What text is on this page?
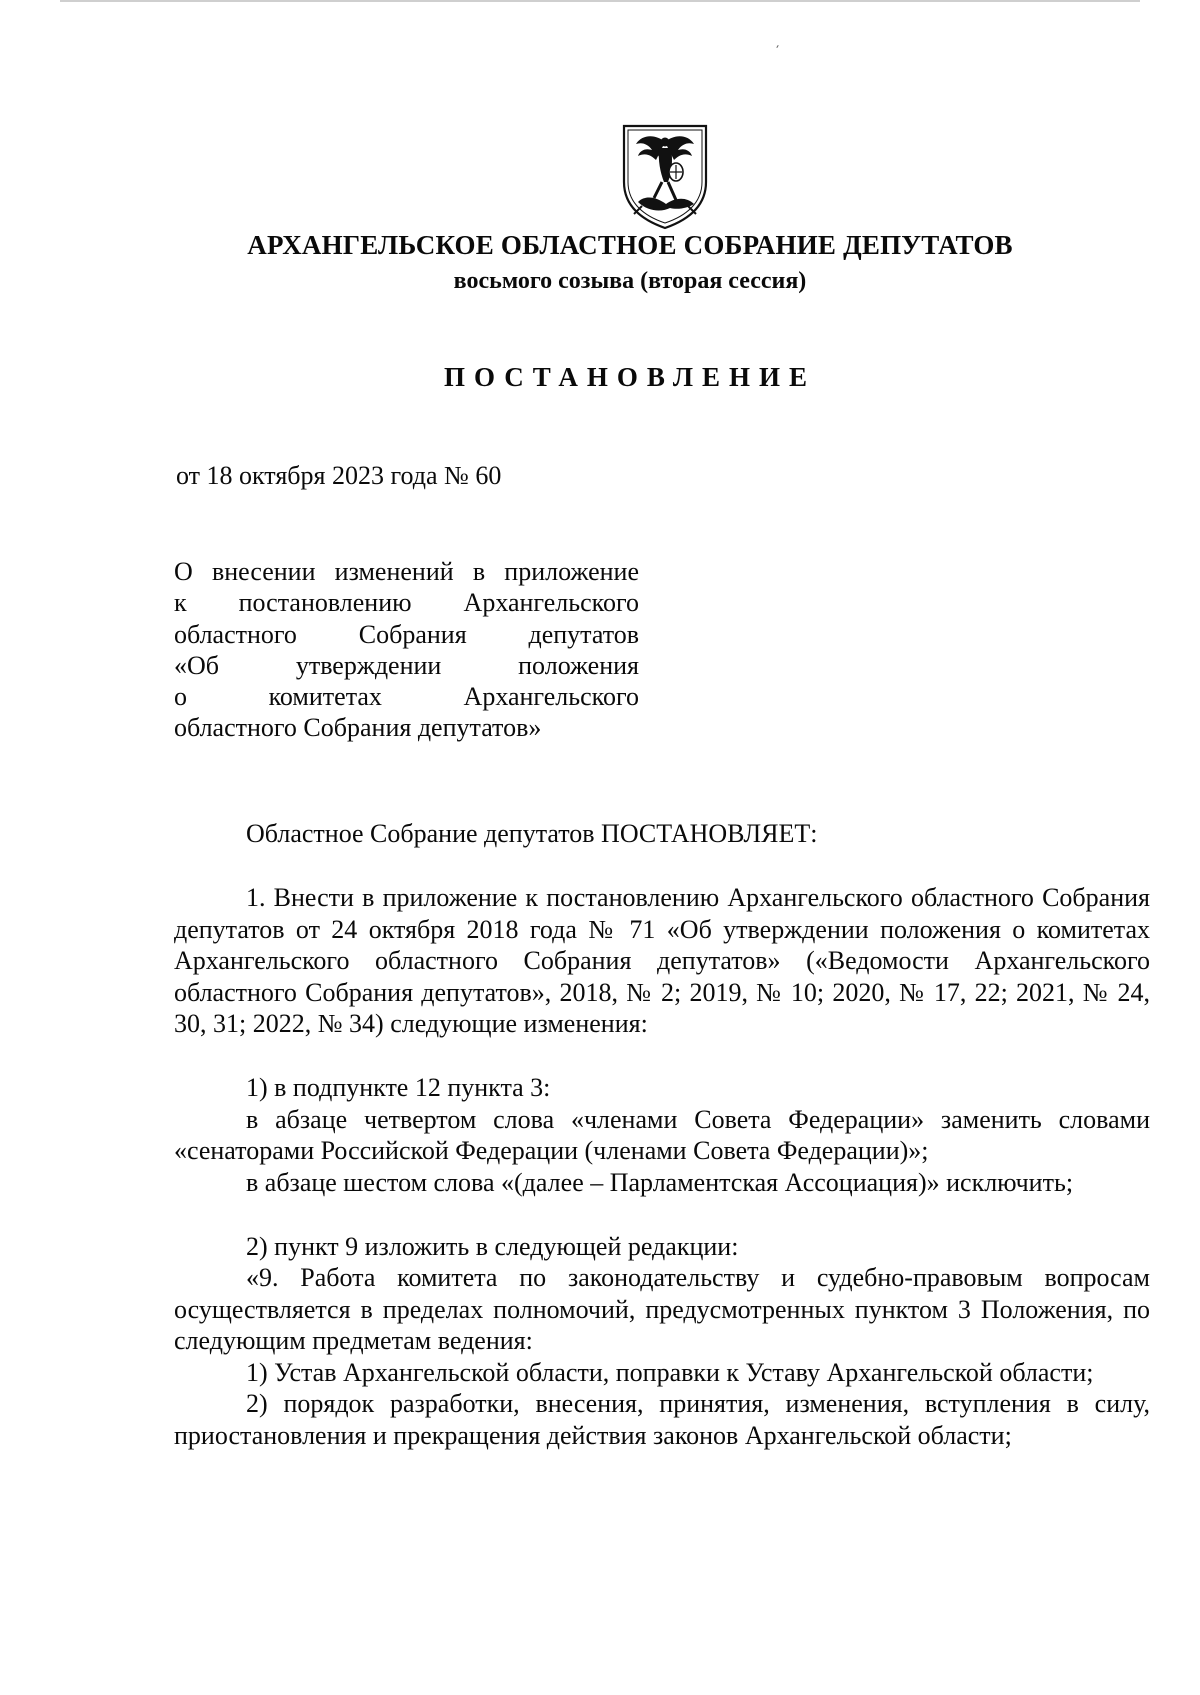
АРХАНГЕЛЬСКОЕ ОБЛАСТНОЕ СОБРАНИЕ ДЕПУТАТОВ
восьмого созыва (вторая сессия)
ПОСТАНОВЛЕНИЕ
от 18 октября 2023 года № 60
О внесении изменений в приложение
к постановлению Архангельского
областного Собрания депутатов
«Об утверждении положения
о комитетах Архангельского
областного Собрания депутатов»

Областное Собрание депутатов ПОСТАНОВЛЯЕТ:

1. Внести в приложение к постановлению Архангельского областного Собрания депутатов от 24 октября 2018 года № 71 «Об утверждении положения о комитетах Архангельского областного Собрания депутатов» («Ведомости Архангельского областного Собрания депутатов», 2018, № 2; 2019, № 10; 2020, № 17, 22; 2021, № 24, 30, 31; 2022, № 34) следующие изменения:

1) в подпункте 12 пункта 3:

в абзаце четвертом слова «членами Совета Федерации» заменить словами «сенаторами Российской Федерации (членами Совета Федерации)»;

в абзаце шестом слова «(далее – Парламентская Ассоциация)» исключить;

2) пункт 9 изложить в следующей редакции:

«9. Работа комитета по законодательству и судебно-правовым вопросам осуществляется в пределах полномочий, предусмотренных пунктом 3 Положения, по следующим предметам ведения:

1) Устав Архангельской области, поправки к Уставу Архангельской области;

2) порядок разработки, внесения, принятия, изменения, вступления в силу, приостановления и прекращения действия законов Архангельской области;
